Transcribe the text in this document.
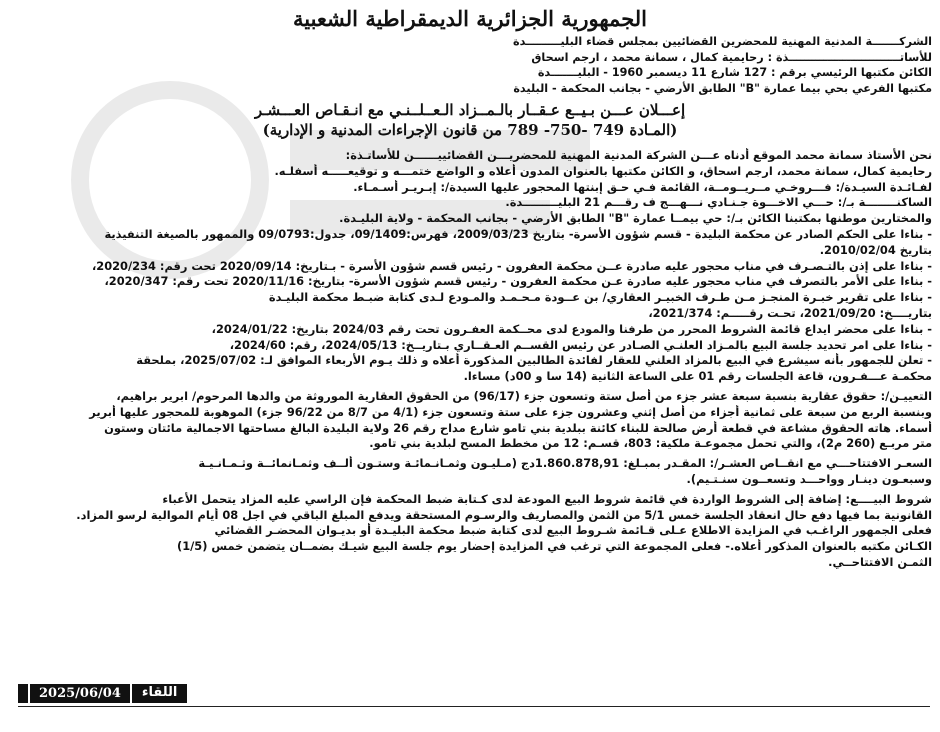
الجمهورية الجزائرية الديمقراطية الشعبية
الشركـــــــة المدنية المهنية للمحضرين القضائيين بمجلس قضاء البليـــــــــدة
للأساتـــــــــــــــــــــــــــــذة : رحايمية كمال ، سمانة محمد ، ارجم اسحاق
الكائن مكتبها الرئيسي برقم : 127 شارع 11 ديسمبر 1960 - البليـــــــدة
مكتبها الفرعي بحي بيما عمارة "B" الطابق الأرضي - بجانب المحكمة - البليدة
إعـــلان عـــن بـيــع عـقــار بالـمــزاد الـعــلــنـي مع انـقـاص العـــشـر
(المـادة 749 -750- 789 من قانون الإجراءات المدنية و الإدارية)
نحن الأستاذ سمانة محمد الموقع أدناه عـــن الشركة المدنية المهنية للمحضريـــن القضائييــــــن للأساتـذة:
رحايمية كمال، سمانة محمد، ارجم اسحاق، و الكائن مكتبها بالعنوان المدون أعلاه و الواضع ختمـــه و توقيعـــــه أسفلـه.
لفـائـدة السيـدة/: فـــروخـي مــريــومــة، القائمة فـي حـق إبنتها المحجور عليها السيدة/: إبـريـر أسـمـاء.
الساكنــــــــة بـ/: حـــي الاخـــوة جـنـادي نـــهـــج ف رقـــم 21 البليـــــــــدة.
والمختارين موطنها بمكتبنا الكائن بـ/: حي بيمــا عمارة "B" الطابق الأرضي - بجانب المحكمة - ولاية البليـدة.
- بناءا على الحكم الصادر عن محكمة البليدة - قسم شؤون الأسرة- بتاريخ 2009/03/23، فهرس:09/1409، جدول:09/0793 والممهور بالصيغة التنفيذية
بتاريخ 2010/02/04.
- بناءا على إذن بالتـصـرف في مناب محجور عليه صادرة عــن محكمة العفرون - رئيس قسم شؤون الأسرة - بـتاريخ: 2020/09/14 تحت رقم: 2020/234،
- بناءا على الأمر بالتصرف في مناب محجور عليه صادرة عـن محكمة العفرون - رئيس قسم شؤون الأسرة- بتاريخ: 2020/11/16 تحت رقم: 2020/347،
- بناءا على تقرير خبـرة المنجـز مـن طـرف الخبيـر العقاري/ بن عــودة مـحـمـد والمـودع لـدى كتابة ضبـط محكمة البليـدة
بتاريــــخ: 2021/09/20، تحـت رقـــــم: 2021/374،
- بناءا على محضر ايداع قائمة الشروط المحرر من طرفنا والمودع لدى محــكمة العفـرون تحت رقم 2024/03 بتاريخ: 2024/01/22،
- بناءا على امر تحديد جلسة البيع بالمـزاد العلنـي الصـادر عن رئيس القســم العـقــاري بـتاريــخ: 2024/05/13، رقم: 2024/60،
- تعلن للجمهور بأنه سيشرع في البيع بالمزاد العلني للعقار لفائدة الطالبين المذكورة أعلاه و ذلك يـوم الأربعاء الموافق لـ: 2025/07/02، بملحقة
محكمـة عـــفـرون، قاعة الجلسات رقم 01 على الساعة الثانية (14 سا و 00د) مساءا.
التعييـن/: حقوق عقارية بنسبة سبعة عشر جزء من أصل ستة وتسعون جزء (96/17) من الحقوق العقارية الموروثة من والدها المرحوم/ ابرير براهيم،
وبنسبة الربع من سبعة على ثمانية أجزاء من أصل إثني وعشرون جزء على ستة وتسعون جزء (4/1 من 8/7 من 96/22 جزء) الموهوبة للمحجور عليها أبرير
أسماء. هاته الحقوق مشاعة في قطعة أرض صالحة للبناء كائنة ببلدية بني تامو شارع مداح رقم 26 ولاية البليدة البالغ مساحتها الاجمالية مائتان وستون
متر مربـع (260 م2)، والتي تحمل مجموعـة ملكية: 803، قسـم: 12 من مخطط المسح لبلدية بني تامو.
السعـر الافتتاحـــي مع انقــاص العشـر/: المقـدر بمبـلغ: 1.860.878,91دج (مـليـون وثمـانـمائـة وستـون ألــف وثمـانمائــة وثـمـانـيـة
وسبعـون دينـار وواحـــد وتسعــون سنـتـيم).
شروط البيــــع: إضافة إلى الشروط الواردة في قائمة شروط البيع المودعة لدى كـتابة ضبط المحكمة فإن الراسي عليه المزاد يتحمل الأعباء
القانونية بما فيها دفع حال انعقاد الجلسة خمس 5/1 من الثمن والمصاريف والرسـوم المستحقة ويدفع المبلغ الباقي في اجل 08 أيام الموالية لرسو المزاد.
فعلى الجمهور الراغـب في المزايدة الاطلاع عـلى قـائمة شـروط البيع لدى كتابة ضبط محكمة البليـدة أو بديـوان المحضـر القضائي
الكـائن مكتبه بالعنوان المذكور أعلاه.- فعلى المجموعة التي ترغب في المزايدة إحضار يوم جلسة البيع شيـك بضمــان يتضمن خمس (1/5)
الثمـن الافتتاحــي.
2025/06/04	اللقاء
